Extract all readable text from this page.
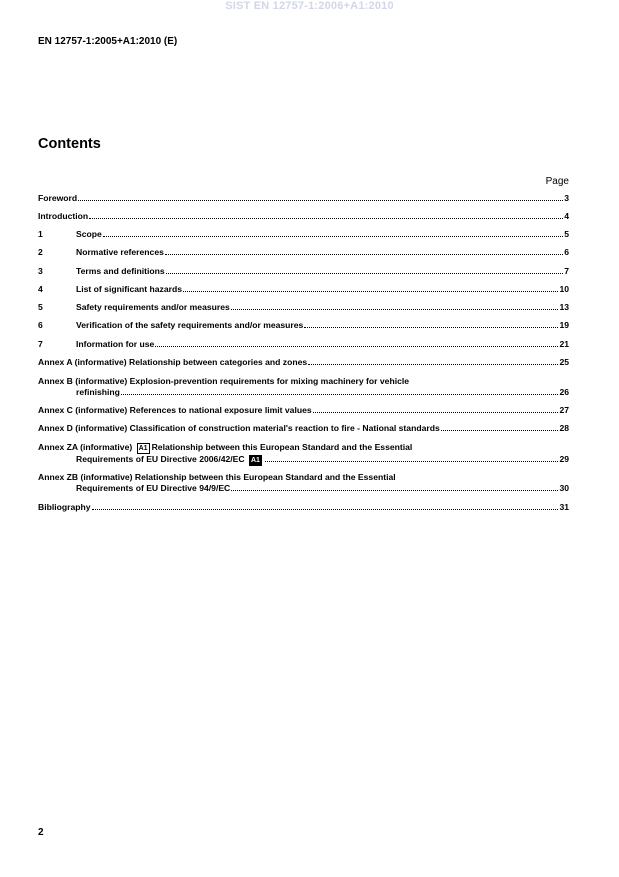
SIST EN 12757-1:2006+A1:2010
EN 12757-1:2005+A1:2010 (E)
Contents
Page
Foreword	3
Introduction	4
1	Scope	5
2	Normative references	6
3	Terms and definitions	7
4	List of significant hazards	10
5	Safety requirements and/or measures	13
6	Verification of the safety requirements and/or measures	19
7	Information for use	21
Annex A (informative) Relationship between categories and zones	25
Annex B (informative) Explosion-prevention requirements for mixing machinery for vehicle
refinishing	26
Annex C (informative) References to national exposure limit values	27
Annex D (informative) Classification of construction material's reaction to fire - National standards	28
Annex ZA (informative)
A1 Relationship between this European Standard and the Essential
Requirements of EU Directive 2006/42/EC
A1	29
Annex ZB (informative) Relationship between this European Standard and the Essential
Requirements of EU Directive 94/9/EC	30
Bibliography	31
2
